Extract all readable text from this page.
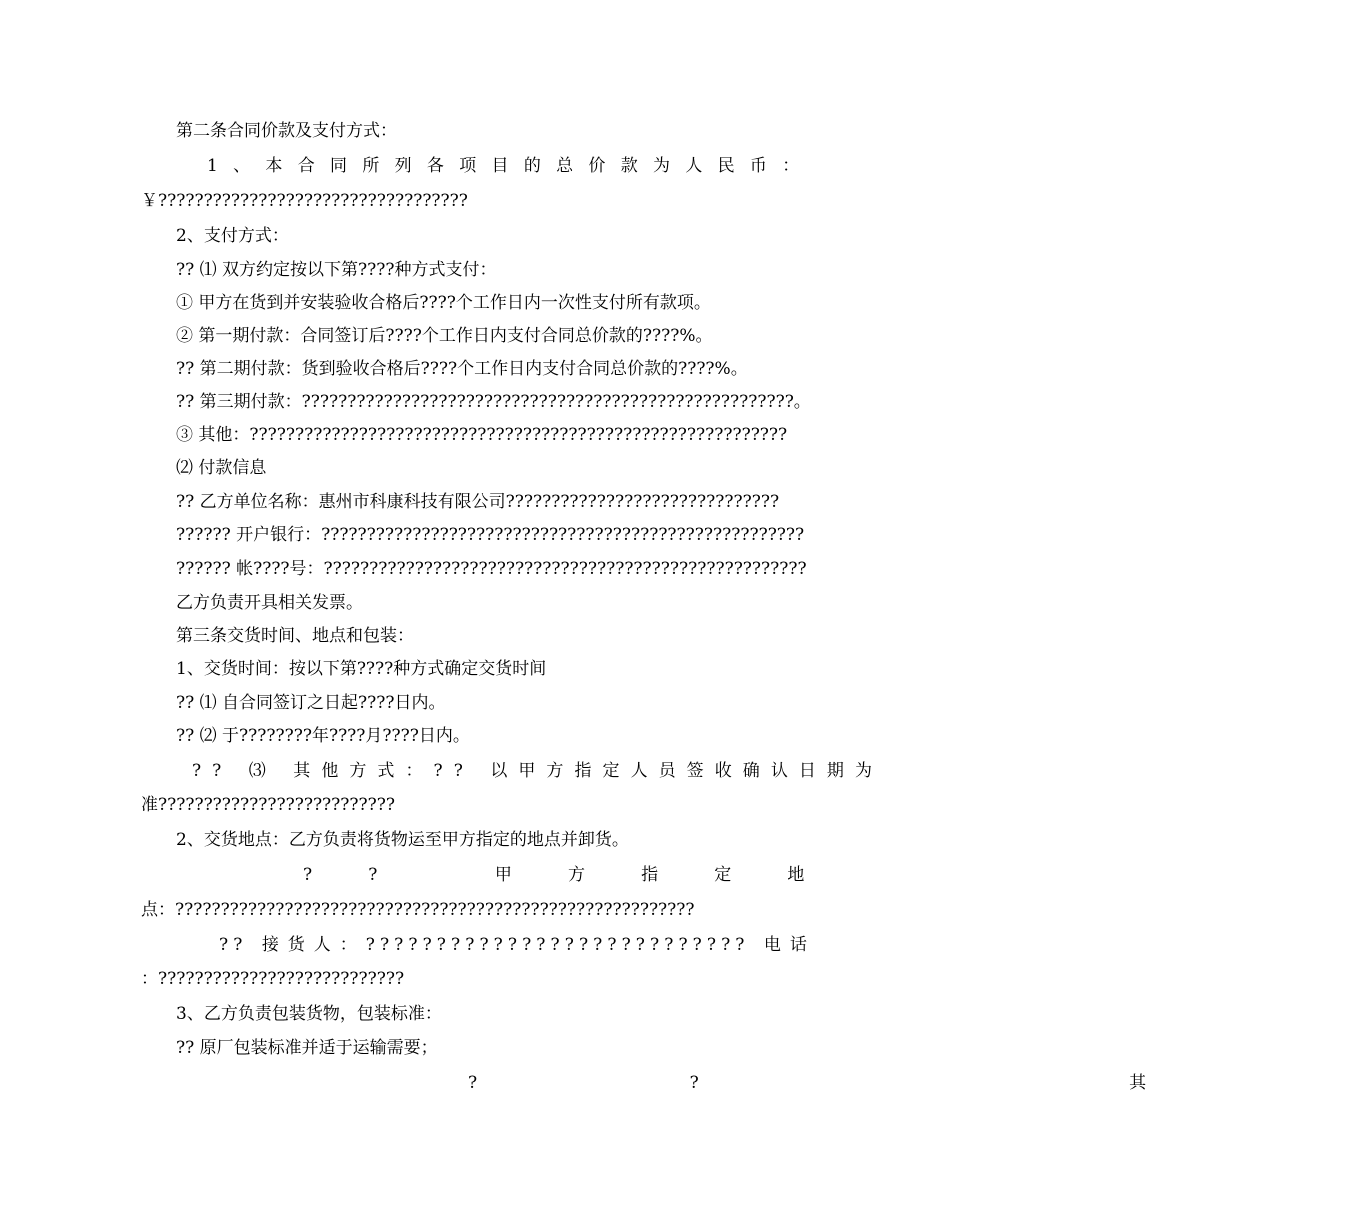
第二条合同价款及支付方式：
1、本合同所列各项目的总价款为人民币：
￥??????????????????????????????????
2、支付方式：
?? ⑴ 双方约定按以下第????种方式支付：
① 甲方在货到并安装验收合格后????个工作日内一次性支付所有款项。
② 第一期付款：合同签订后????个工作日内支付合同总价款的????%。
?? 第二期付款：货到验收合格后????个工作日内支付合同总价款的????%。
?? 第三期付款：??????????????????????????????????????????????????????。
③ 其他：???????????????????????????????????????????????????????????
⑵ 付款信息
?? 乙方单位名称：惠州市科康科技有限公司??????????????????????????????
?????? 开户银行：?????????????????????????????????????????????????????
?????? 帐????号：?????????????????????????????????????????????????????
乙方负责开具相关发票。
第三条交货时间、地点和包装：
1、交货时间：按以下第????种方式确定交货时间
?? ⑴ 自合同签订之日起????日内。
?? ⑵ 于????????年????月????日内。
?? ⑶ 其他方式：?? 以甲方指定人员签收确认日期为
准??????????????????????????
2、交货地点：乙方负责将货物运至甲方指定的地点并卸货。
?? 甲方指定地
点：?????????????????????????????????????????????????????????
?? 接货人：??????????????????????????? 电话
：???????????????????????????
3、乙方负责包装货物，包装标准：
?? 原厂包装标准并适于运输需要；
?? 其
